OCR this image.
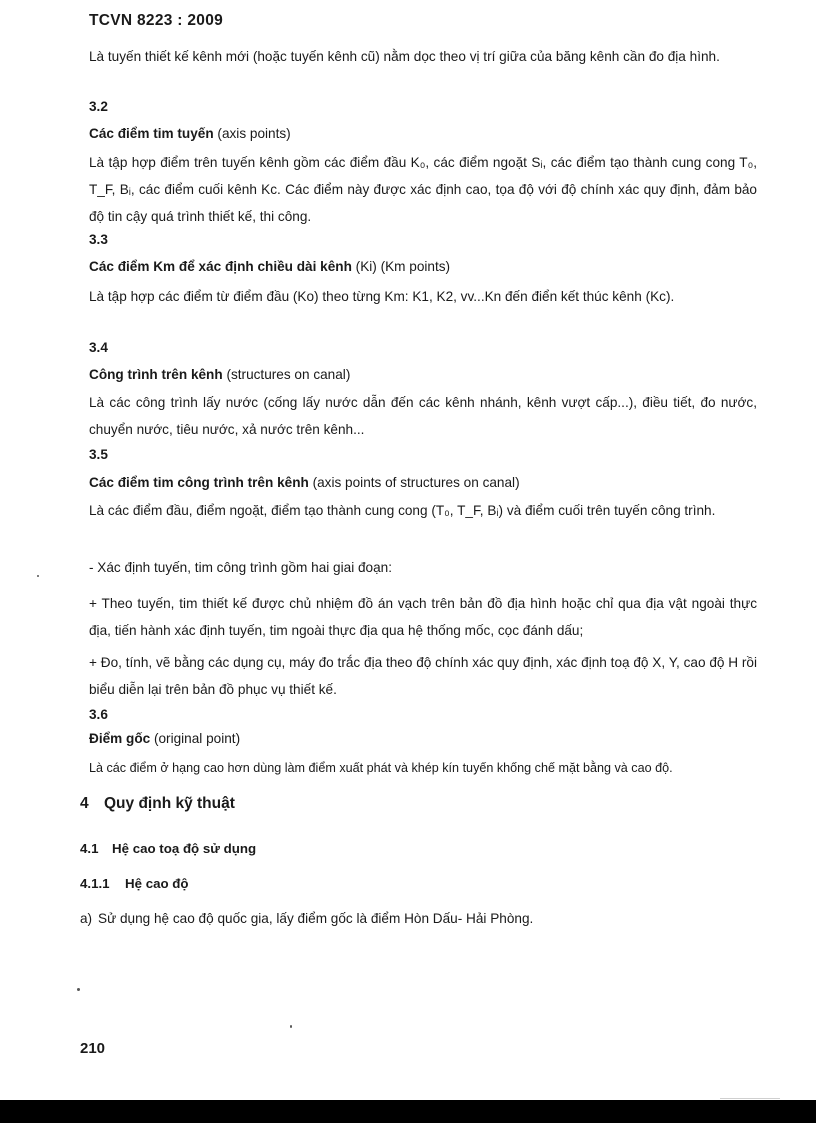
TCVN 8223 : 2009
Là tuyến thiết kế kênh mới (hoặc tuyến kênh cũ) nằm dọc theo vị trí giữa của băng kênh cần đo địa hình.
3.2
Các điểm tim tuyến (axis points)
Là tập hợp điểm trên tuyến kênh gồm các điểm đầu K₀, các điểm ngoặt Sᵢ, các điểm tạo thành cung cong T₀, T_F, Bᵢ, các điểm cuối kênh Kc. Các điểm này được xác định cao, tọa độ với độ chính xác quy định, đảm bảo độ tin cậy quá trình thiết kế, thi công.
3.3
Các điểm Km để xác định chiều dài kênh (Ki) (Km points)
Là tập hợp các điểm từ điểm đầu (Ko) theo từng Km: K1, K2, vv...Kn đến điển kết thúc kênh (Kc).
3.4
Công trình trên kênh (structures on canal)
Là các công trình lấy nước (cống lấy nước dẫn đến các kênh nhánh, kênh vượt cấp...), điều tiết, đo nước, chuyển nước, tiêu nước, xả nước trên kênh...
3.5
Các điểm tim công trình trên kênh (axis points of structures on canal)
Là các điểm đầu, điểm ngoặt, điểm tạo thành cung cong (T₀, T_F, Bᵢ) và điểm cuối trên tuyến công trình.
- Xác định tuyến, tim công trình gồm hai giai đoạn:
+ Theo tuyến, tim thiết kế được chủ nhiệm đồ án vạch trên bản đồ địa hình hoặc chỉ qua địa vật ngoài thực địa, tiến hành xác định tuyến, tim ngoài thực địa qua hệ thống mốc, cọc đánh dấu;
+ Đo, tính, vẽ bằng các dụng cụ, máy đo trắc địa theo độ chính xác quy định, xác định toạ độ X, Y, cao độ H rồi biểu diễn lại trên bản đồ phục vụ thiết kế.
3.6
Điểm gốc (original point)
Là các điểm ở hạng cao hơn dùng làm điểm xuất phát và khép kín tuyến khống chế mặt bằng và cao độ.
4 Quy định kỹ thuật
4.1 Hệ cao toạ độ sử dụng
4.1.1 Hệ cao độ
a) Sử dụng hệ cao độ quốc gia, lấy điểm gốc là điểm Hòn Dấu- Hải Phòng.
210
